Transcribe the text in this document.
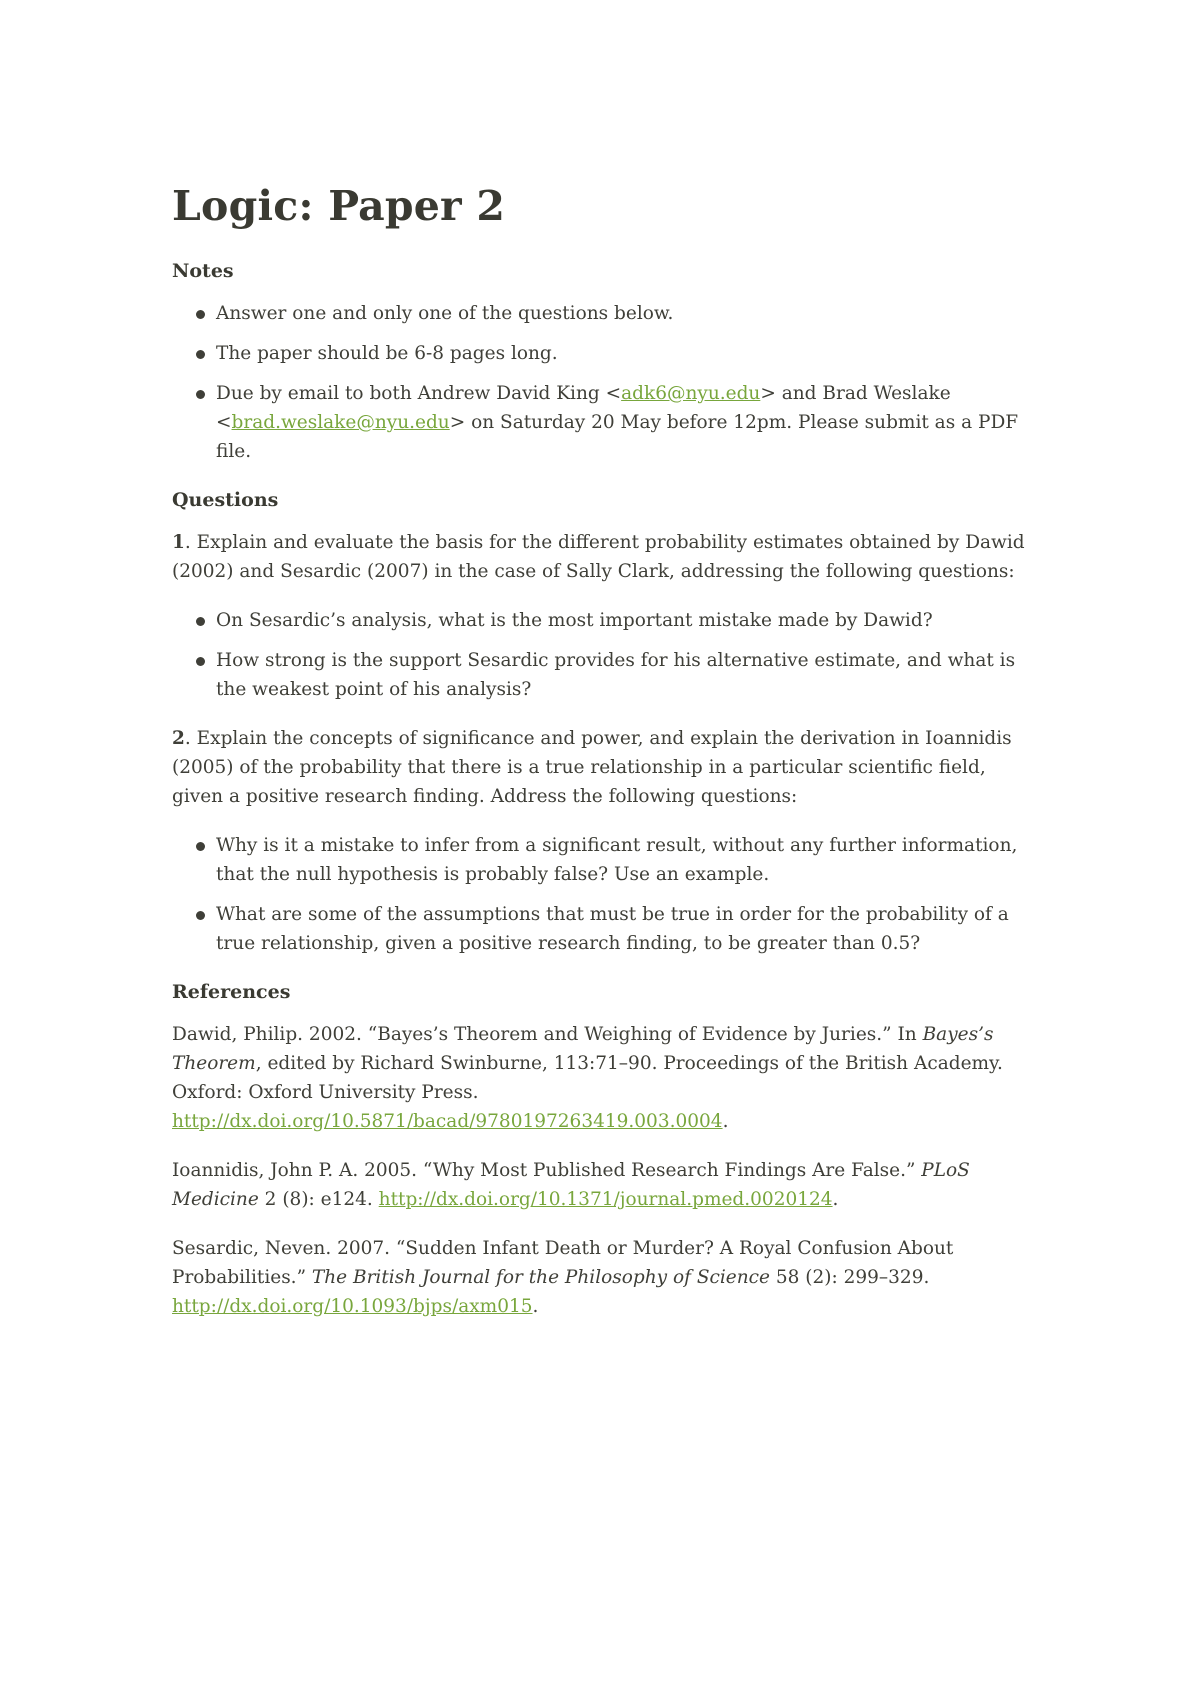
Logic: Paper 2
Notes
Answer one and only one of the questions below.
The paper should be 6-8 pages long.
Due by email to both Andrew David King <adk6@nyu.edu> and Brad Weslake <brad.weslake@nyu.edu> on Saturday 20 May before 12pm. Please submit as a PDF file.
Questions

1. Explain and evaluate the basis for the different probability estimates obtained by Dawid (2002) and Sesardic (2007) in the case of Sally Clark, addressing the following questions:

On Sesardic’s analysis, what is the most important mistake made by Dawid?
How strong is the support Sesardic provides for his alternative estimate, and what is the weakest point of his analysis?

2. Explain the concepts of significance and power, and explain the derivation in Ioannidis (2005) of the probability that there is a true relationship in a particular scientific field, given a positive research finding. Address the following questions:

Why is it a mistake to infer from a significant result, without any further information, that the null hypothesis is probably false? Use an example.
What are some of the assumptions that must be true in order for the probability of a true relationship, given a positive research finding, to be greater than 0.5?
References

Dawid, Philip. 2002. “Bayes’s Theorem and Weighing of Evidence by Juries.” In Bayes’s Theorem, edited by Richard Swinburne, 113:71–90. Proceedings of the British Academy. Oxford: Oxford University Press. http://dx.doi.org/10.5871/bacad/9780197263419.003.0004.

Ioannidis, John P. A. 2005. “Why Most Published Research Findings Are False.” PLoS Medicine 2 (8): e124. http://dx.doi.org/10.1371/journal.pmed.0020124.

Sesardic, Neven. 2007. “Sudden Infant Death or Murder? A Royal Confusion About Probabilities.” The British Journal for the Philosophy of Science 58 (2): 299–329. http://dx.doi.org/10.1093/bjps/axm015.
